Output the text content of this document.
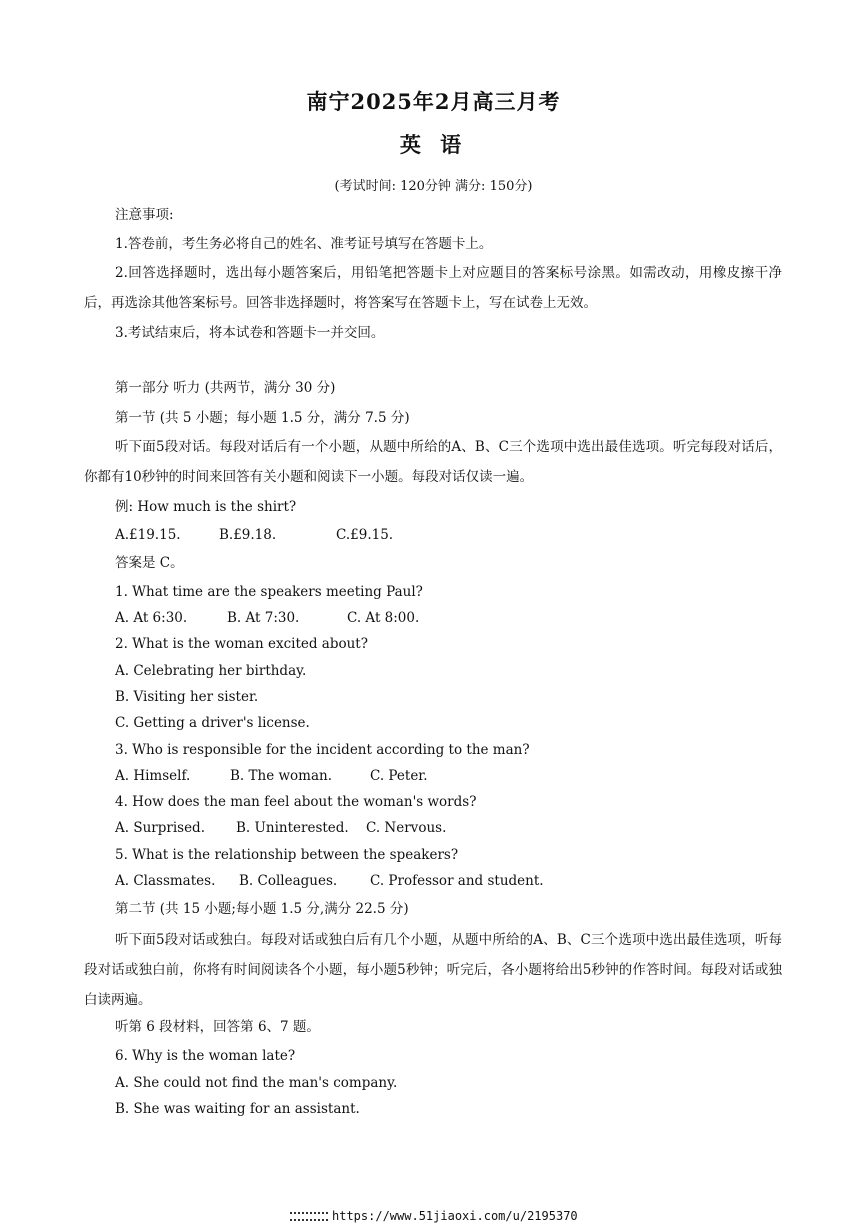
南宁2025年2月高三月考
英 语
(考试时间: 120分钟 满分: 150分)
注意事项:
1.答卷前，考生务必将自己的姓名、准考证号填写在答题卡上。
2.回答选择题时，选出每小题答案后，用铅笔把答题卡上对应题目的答案标号涂黑。如需改动，用橡皮擦干净后，再选涂其他答案标号。回答非选择题时，将答案写在答题卡上，写在试卷上无效。
3.考试结束后，将本试卷和答题卡一并交回。
第一部分 听力 (共两节，满分 30 分)
第一节 (共 5 小题；每小题 1.5 分，满分 7.5 分)
听下面5段对话。每段对话后有一个小题，从题中所给的A、B、C三个选项中选出最佳选项。听完每段对话后，你都有10秒钟的时间来回答有关小题和阅读下一小题。每段对话仅读一遍。
例: How much is the shirt?
A.£19.15.	B.£9.18.	C.£9.15.
答案是 C。
1. What time are the speakers meeting Paul?
A. At 6:30.	B. At 7:30.	C. At 8:00.
2. What is the woman excited about?
A. Celebrating her birthday.
B. Visiting her sister.
C. Getting a driver's license.
3. Who is responsible for the incident according to the man?
A. Himself.	B. The woman.	C. Peter.
4. How does the man feel about the woman's words?
A. Surprised. B. Uninterested. C. Nervous.
5. What is the relationship between the speakers?
A. Classmates. B. Colleagues. C. Professor and student.
第二节 (共 15 小题;每小题 1.5 分,满分 22.5 分)
听下面5段对话或独白。每段对话或独白后有几个小题，从题中所给的A、B、C三个选项中选出最佳选项，听每段对话或独白前，你将有时间阅读各个小题，每小题5秒钟；听完后，各小题将给出5秒钟的作答时间。每段对话或独白读两遍。
听第 6 段材料，回答第 6、7 题。
6. Why is the woman late?
A. She could not find the man's company.
B. She was waiting for an assistant.
https://www.51jiaoxi.com/u/2195370
